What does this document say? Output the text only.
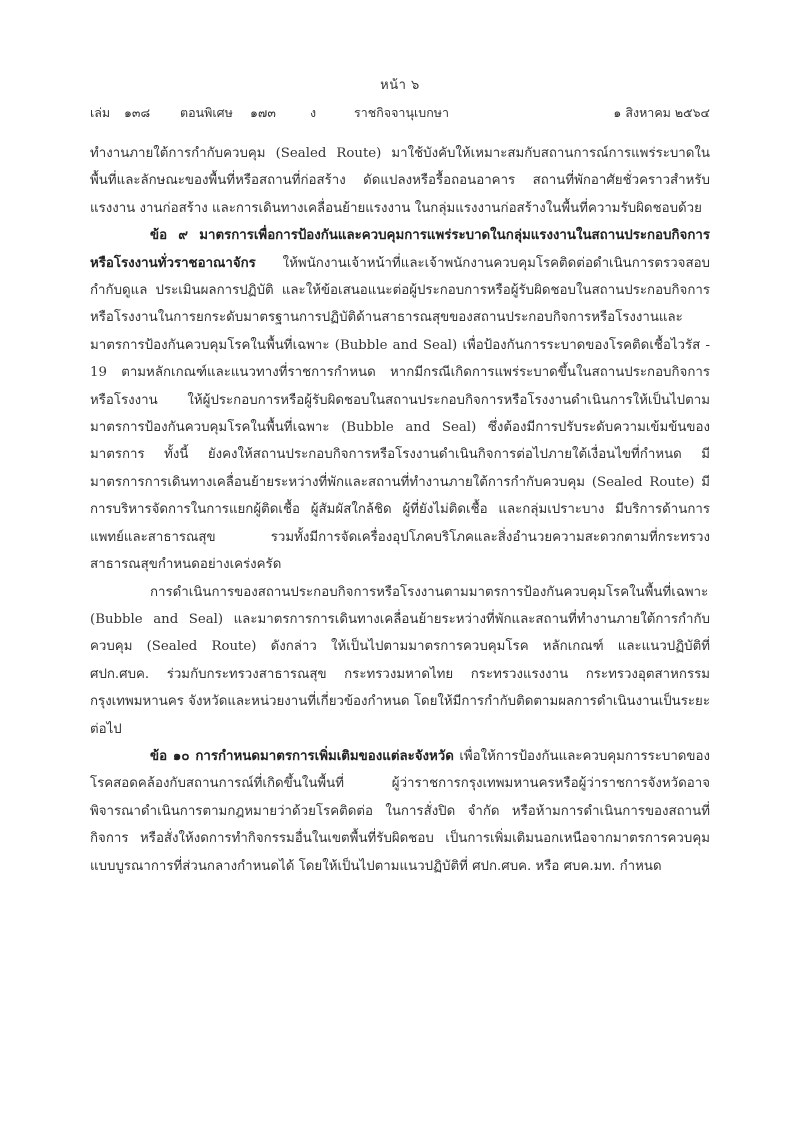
หน้า ๖
เล่ม ๑๓๘ ตอนพิเศษ ๑๗๓	ง	ราชกิจจานุเบกษา	๑ สิงหาคม ๒๕๖๔

ทำงานภายใต้การกำกับควบคุม (Sealed Route) มาใช้บังคับให้เหมาะสมกับสถานการณ์การแพร่ระบาดในพื้นที่และลักษณะของพื้นที่หรือสถานที่ก่อสร้าง ดัดแปลงหรือรื้อถอนอาคาร สถานที่พักอาศัยชั่วคราวสำหรับแรงงาน งานก่อสร้าง และการเดินทางเคลื่อนย้ายแรงงาน ในกลุ่มแรงงานก่อสร้างในพื้นที่ความรับผิดชอบด้วย

ข้อ ๙ มาตรการเพื่อการป้องกันและควบคุมการแพร่ระบาดในกลุ่มแรงงานในสถานประกอบกิจการหรือโรงงานทั่วราชอาณาจักร ให้พนักงานเจ้าหน้าที่และเจ้าพนักงานควบคุมโรคติดต่อดำเนินการตรวจสอบ กำกับดูแล ประเมินผลการปฏิบัติ และให้ข้อเสนอแนะต่อผู้ประกอบการหรือผู้รับผิดชอบในสถานประกอบกิจการหรือโรงงานในการยกระดับมาตรฐานการปฏิบัติด้านสาธารณสุขของสถานประกอบกิจการหรือโรงงานและมาตรการป้องกันควบคุมโรคในพื้นที่เฉพาะ (Bubble and Seal) เพื่อป้องกันการระบาดของโรคติดเชื้อไวรัส - 19 ตามหลักเกณฑ์และแนวทางที่ราชการกำหนด หากมีกรณีเกิดการแพร่ระบาดขึ้นในสถานประกอบกิจการหรือโรงงาน ให้ผู้ประกอบการหรือผู้รับผิดชอบในสถานประกอบกิจการหรือโรงงานดำเนินการให้เป็นไปตามมาตรการป้องกันควบคุมโรคในพื้นที่เฉพาะ (Bubble and Seal) ซึ่งต้องมีการปรับระดับความเข้มข้นของมาตรการ ทั้งนี้ ยังคงให้สถานประกอบกิจการหรือโรงงานดำเนินกิจการต่อไปภายใต้เงื่อนไขที่กำหนด มีมาตรการการเดินทางเคลื่อนย้ายระหว่างที่พักและสถานที่ทำงานภายใต้การกำกับควบคุม (Sealed Route) มีการบริหารจัดการในการแยกผู้ติดเชื้อ ผู้สัมผัสใกล้ชิด ผู้ที่ยังไม่ติดเชื้อ และกลุ่มเปราะบาง มีบริการด้านการแพทย์และสาธารณสุข รวมทั้งมีการจัดเครื่องอุปโภคบริโภคและสิ่งอำนวยความสะดวกตามที่กระทรวงสาธารณสุขกำหนดอย่างเคร่งครัด

การดำเนินการของสถานประกอบกิจการหรือโรงงานตามมาตรการป้องกันควบคุมโรคในพื้นที่เฉพาะ (Bubble and Seal) และมาตรการการเดินทางเคลื่อนย้ายระหว่างที่พักและสถานที่ทำงานภายใต้การกำกับควบคุม (Sealed Route) ดังกล่าว ให้เป็นไปตามมาตรการควบคุมโรค หลักเกณฑ์ และแนวปฏิบัติที่ ศปก.ศบค. ร่วมกับกระทรวงสาธารณสุข กระทรวงมหาดไทย กระทรวงแรงงาน กระทรวงอุตสาหกรรม กรุงเทพมหานคร จังหวัดและหน่วยงานที่เกี่ยวข้องกำหนด โดยให้มีการกำกับติดตามผลการดำเนินงานเป็นระยะต่อไป

ข้อ ๑๐ การกำหนดมาตรการเพิ่มเติมของแต่ละจังหวัด เพื่อให้การป้องกันและควบคุมการระบาดของโรคสอดคล้องกับสถานการณ์ที่เกิดขึ้นในพื้นที่ ผู้ว่าราชการกรุงเทพมหานครหรือผู้ว่าราชการจังหวัดอาจพิจารณาดำเนินการตามกฎหมายว่าด้วยโรคติดต่อ ในการสั่งปิด จำกัด หรือห้ามการดำเนินการของสถานที่ กิจการ หรือสั่งให้งดการทำกิจกรรมอื่นในเขตพื้นที่รับผิดชอบ เป็นการเพิ่มเติมนอกเหนือจากมาตรการควบคุมแบบบูรณาการที่ส่วนกลางกำหนดได้ โดยให้เป็นไปตามแนวปฏิบัติที่ ศปก.ศบค. หรือ ศบค.มท. กำหนด
